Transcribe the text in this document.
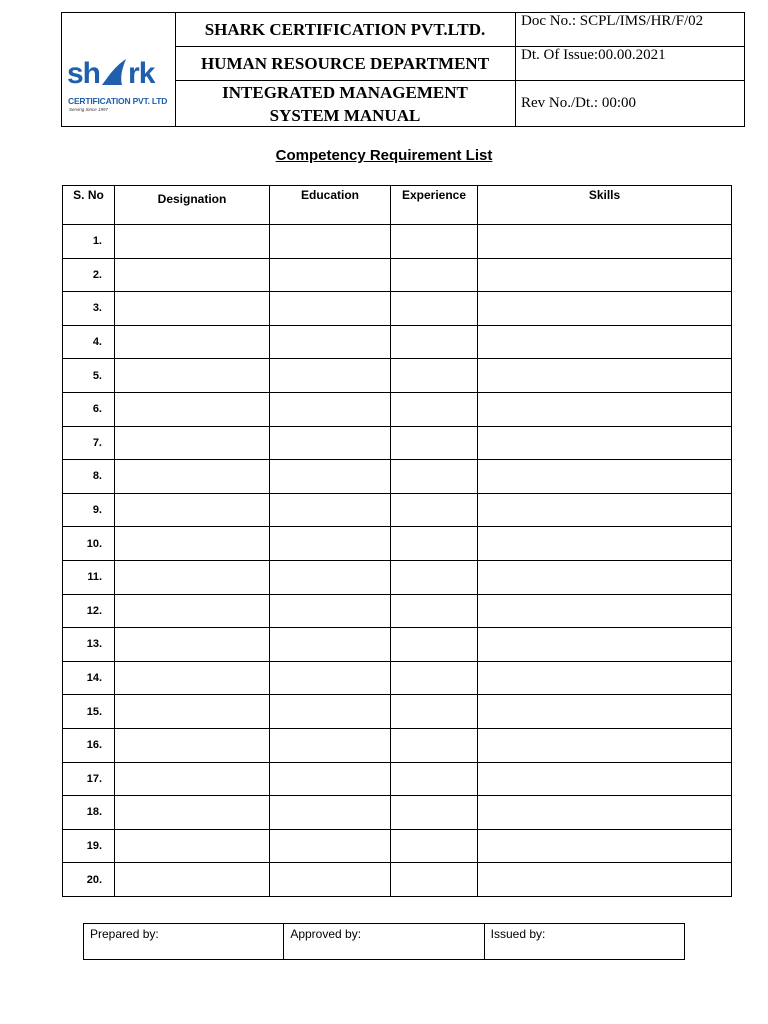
sh rk
CERTIFICATION PVT. LTD
Serving Since 1997
SHARK CERTIFICATION PVT.LTD.
HUMAN RESOURCE DEPARTMENT
INTEGRATED MANAGEMENT SYSTEM MANUAL
Doc No.: SCPL/IMS/HR/F/02
Dt. Of Issue:00.00.2021
Rev No./Dt.: 00:00
Competency Requirement List
S. No	Designation	Education	Experience	Skills
1.				
2.				
3.				
4.				
5.				
6.				
7.				
8.				
9.				
10.				
11.				
12.				
13.				
14.				
15.				
16.				
17.				
18.				
19.				
20.				
Prepared by:	Approved by:	Issued by:
